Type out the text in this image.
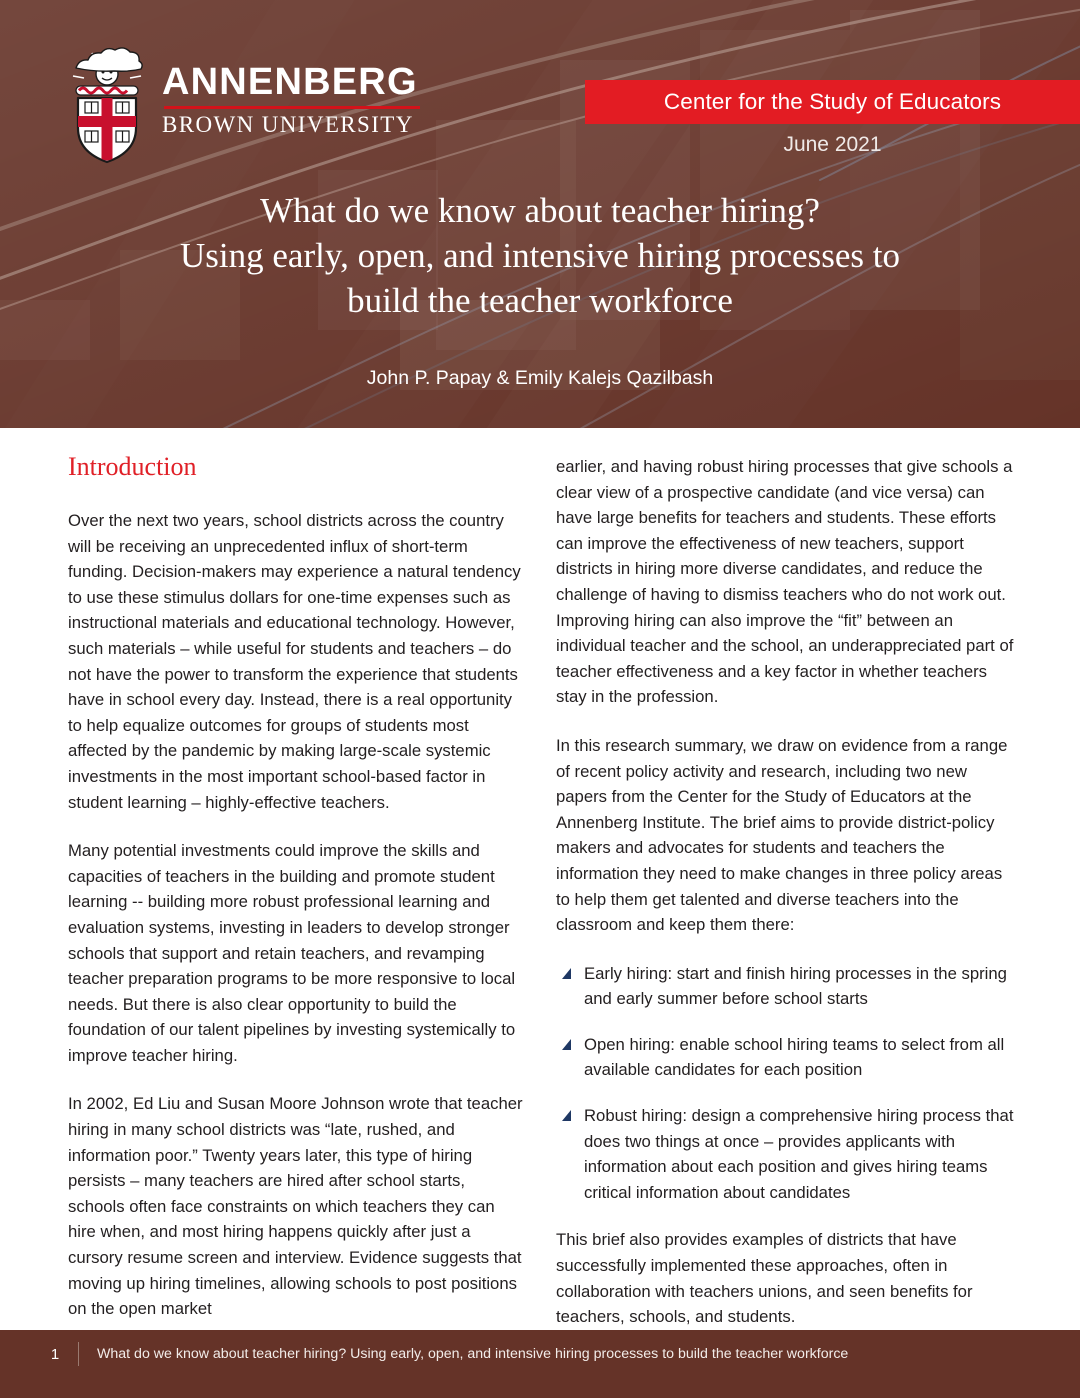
ANNENBERG
BROWN UNIVERSITY
Center for the Study of Educators
June 2021
What do we know about teacher hiring?
Using early, open, and intensive hiring processes to
build the teacher workforce
John P. Papay & Emily Kalejs Qazilbash
Introduction

Over the next two years, school districts across the country will be receiving an unprecedented influx of short-term funding. Decision-makers may experience a natural tendency to use these stimulus dollars for one-time expenses such as instructional materials and educational technology. However, such materials – while useful for students and teachers – do not have the power to transform the experience that students have in school every day. Instead, there is a real opportunity to help equalize outcomes for groups of students most affected by the pandemic by making large-scale systemic investments in the most important school-based factor in student learning – highly-effective teachers.

Many potential investments could improve the skills and capacities of teachers in the building and promote student learning -- building more robust professional learning and evaluation systems, investing in leaders to develop stronger schools that support and retain teachers, and revamping teacher preparation programs to be more responsive to local needs. But there is also clear opportunity to build the foundation of our talent pipelines by investing systemically to improve teacher hiring.

In 2002, Ed Liu and Susan Moore Johnson wrote that teacher hiring in many school districts was “late, rushed, and information poor.” Twenty years later, this type of hiring persists – many teachers are hired after school starts, schools often face constraints on which teachers they can hire when, and most hiring happens quickly after just a cursory resume screen and interview. Evidence suggests that moving up hiring timelines, allowing schools to post positions on the open market

earlier, and having robust hiring processes that give schools a clear view of a prospective candidate (and vice versa) can have large benefits for teachers and students. These efforts can improve the effectiveness of new teachers, support districts in hiring more diverse candidates, and reduce the challenge of having to dismiss teachers who do not work out. Improving hiring can also improve the “fit” between an individual teacher and the school, an underappreciated part of teacher effectiveness and a key factor in whether teachers stay in the profession.

In this research summary, we draw on evidence from a range of recent policy activity and research, including two new papers from the Center for the Study of Educators at the Annenberg Institute. The brief aims to provide district-policy makers and advocates for students and teachers the information they need to make changes in three policy areas to help them get talented and diverse teachers into the classroom and keep them there:

Early hiring: start and finish hiring processes in the spring and early summer before school starts
Open hiring: enable school hiring teams to select from all available candidates for each position
Robust hiring: design a comprehensive hiring process that does two things at once – provides applicants with information about each position and gives hiring teams critical information about candidates

This brief also provides examples of districts that have successfully implemented these approaches, often in collaboration with teachers unions, and seen benefits for teachers, schools, and students.

1	What do we know about teacher hiring? Using early, open, and intensive hiring processes to build the teacher workforce
